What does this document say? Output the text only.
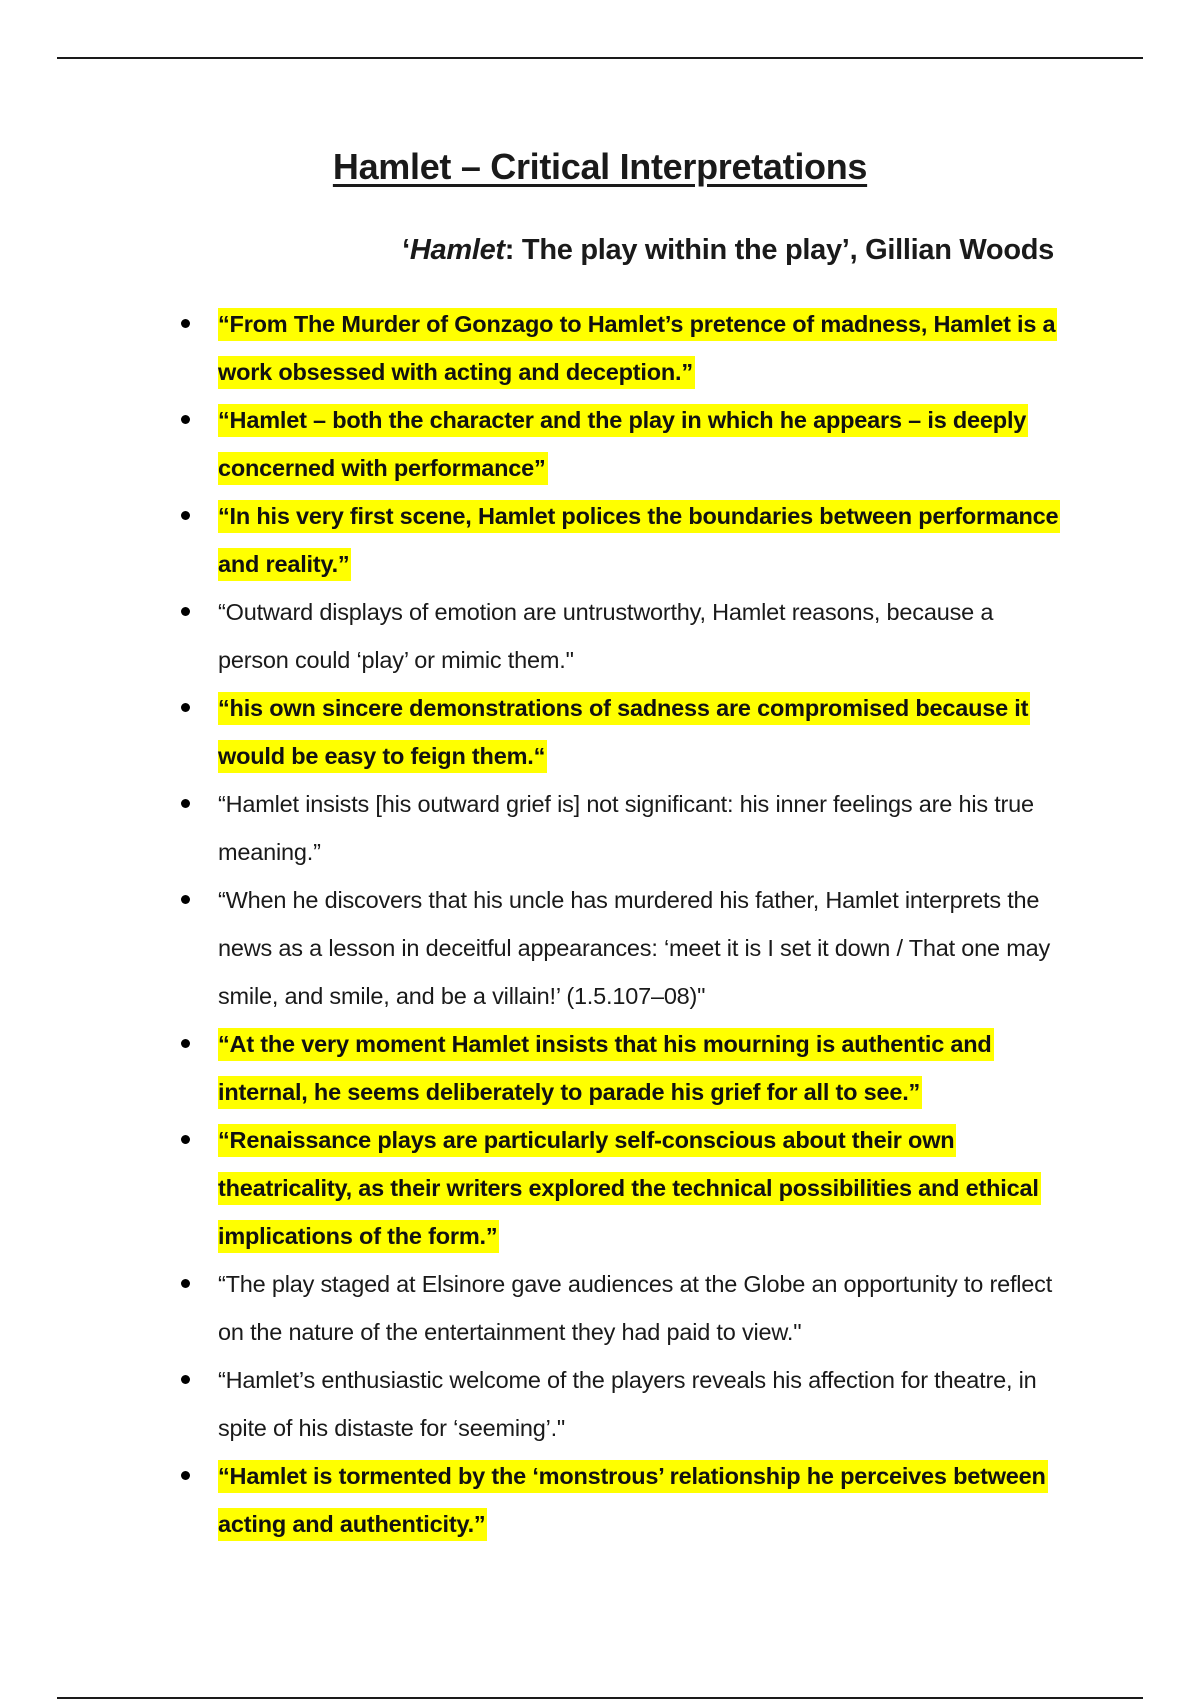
Hamlet – Critical Interpretations
‘Hamlet: The play within the play’, Gillian Woods
“From The Murder of Gonzago to Hamlet’s pretence of madness, Hamlet is a work obsessed with acting and deception.”
“Hamlet – both the character and the play in which he appears – is deeply concerned with performance”
“In his very first scene, Hamlet polices the boundaries between performance and reality.”
“Outward displays of emotion are untrustworthy, Hamlet reasons, because a person could ‘play’ or mimic them."
“his own sincere demonstrations of sadness are compromised because it would be easy to feign them.“
“Hamlet insists [his outward grief is] not significant: his inner feelings are his true meaning.”
“When he discovers that his uncle has murdered his father, Hamlet interprets the news as a lesson in deceitful appearances: ‘meet it is I set it down / That one may smile, and smile, and be a villain!’ (1.5.107–08)"
“At the very moment Hamlet insists that his mourning is authentic and internal, he seems deliberately to parade his grief for all to see.”
“Renaissance plays are particularly self-conscious about their own theatricality, as their writers explored the technical possibilities and ethical implications of the form.”
“The play staged at Elsinore gave audiences at the Globe an opportunity to reflect on the nature of the entertainment they had paid to view."
“Hamlet’s enthusiastic welcome of the players reveals his affection for theatre, in spite of his distaste for ‘seeming’."
“Hamlet is tormented by the ‘monstrous’ relationship he perceives between acting and authenticity.”
